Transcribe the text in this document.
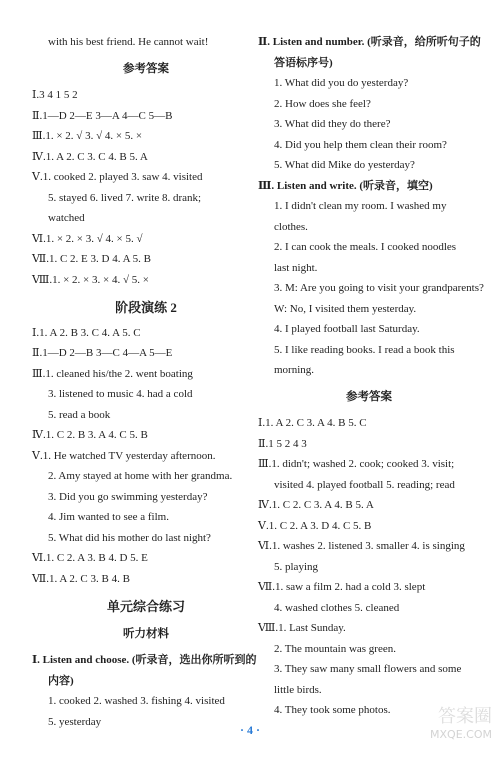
with his best friend. He cannot wait!
参考答案
Ⅰ.3 4 1 5 2
Ⅱ.1—D 2—E 3—A 4—C 5—B
Ⅲ.1. × 2. √ 3. √ 4. × 5. ×
Ⅳ.1. A 2. C 3. C 4. B 5. A
Ⅴ.1. cooked 2. played 3. saw 4. visited
5. stayed 6. lived 7. write 8. drank;
watched
Ⅵ.1. × 2. × 3. √ 4. × 5. √
Ⅶ.1. C 2. E 3. D 4. A 5. B
Ⅷ.1. × 2. × 3. × 4. √ 5. ×
阶段演练 2
Ⅰ.1. A 2. B 3. C 4. A 5. C
Ⅱ.1—D 2—B 3—C 4—A 5—E
Ⅲ.1. cleaned his/the 2. went boating
3. listened to music 4. had a cold
5. read a book
Ⅳ.1. C 2. B 3. A 4. C 5. B
Ⅴ.1. He watched TV yesterday afternoon.
2. Amy stayed at home with her grandma.
3. Did you go swimming yesterday?
4. Jim wanted to see a film.
5. What did his mother do last night?
Ⅵ.1. C 2. A 3. B 4. D 5. E
Ⅶ.1. A 2. C 3. B 4. B
单元综合练习
听力材料
Ⅰ. Listen and choose. (听录音，选出你所听到的
内容)
1. cooked 2. washed 3. fishing 4. visited
5. yesterday
Ⅱ. Listen and number. (听录音，给所听句子的
答语标序号)
1. What did you do yesterday?
2. How does she feel?
3. What did they do there?
4. Did you help them clean their room?
5. What did Mike do yesterday?
Ⅲ. Listen and write. (听录音，填空)
1. I didn't clean my room. I washed my
clothes.
2. I can cook the meals. I cooked noodles
last night.
3. M: Are you going to visit your grandparents?
W: No, I visited them yesterday.
4. I played football last Saturday.
5. I like reading books. I read a book this
morning.
参考答案
Ⅰ.1. A 2. C 3. A 4. B 5. C
Ⅱ.1 5 2 4 3
Ⅲ.1. didn't; washed 2. cook; cooked 3. visit;
visited 4. played football 5. reading; read
Ⅳ.1. C 2. C 3. A 4. B 5. A
Ⅴ.1. C 2. A 3. D 4. C 5. B
Ⅵ.1. washes 2. listened 3. smaller 4. is singing
5. playing
Ⅶ.1. saw a film 2. had a cold 3. slept
4. washed clothes 5. cleaned
Ⅷ.1. Last Sunday.
2. The mountain was green.
3. They saw many small flowers and some
little birds.
4. They took some photos.
· 4 ·
答案圈
MXQE.COM
